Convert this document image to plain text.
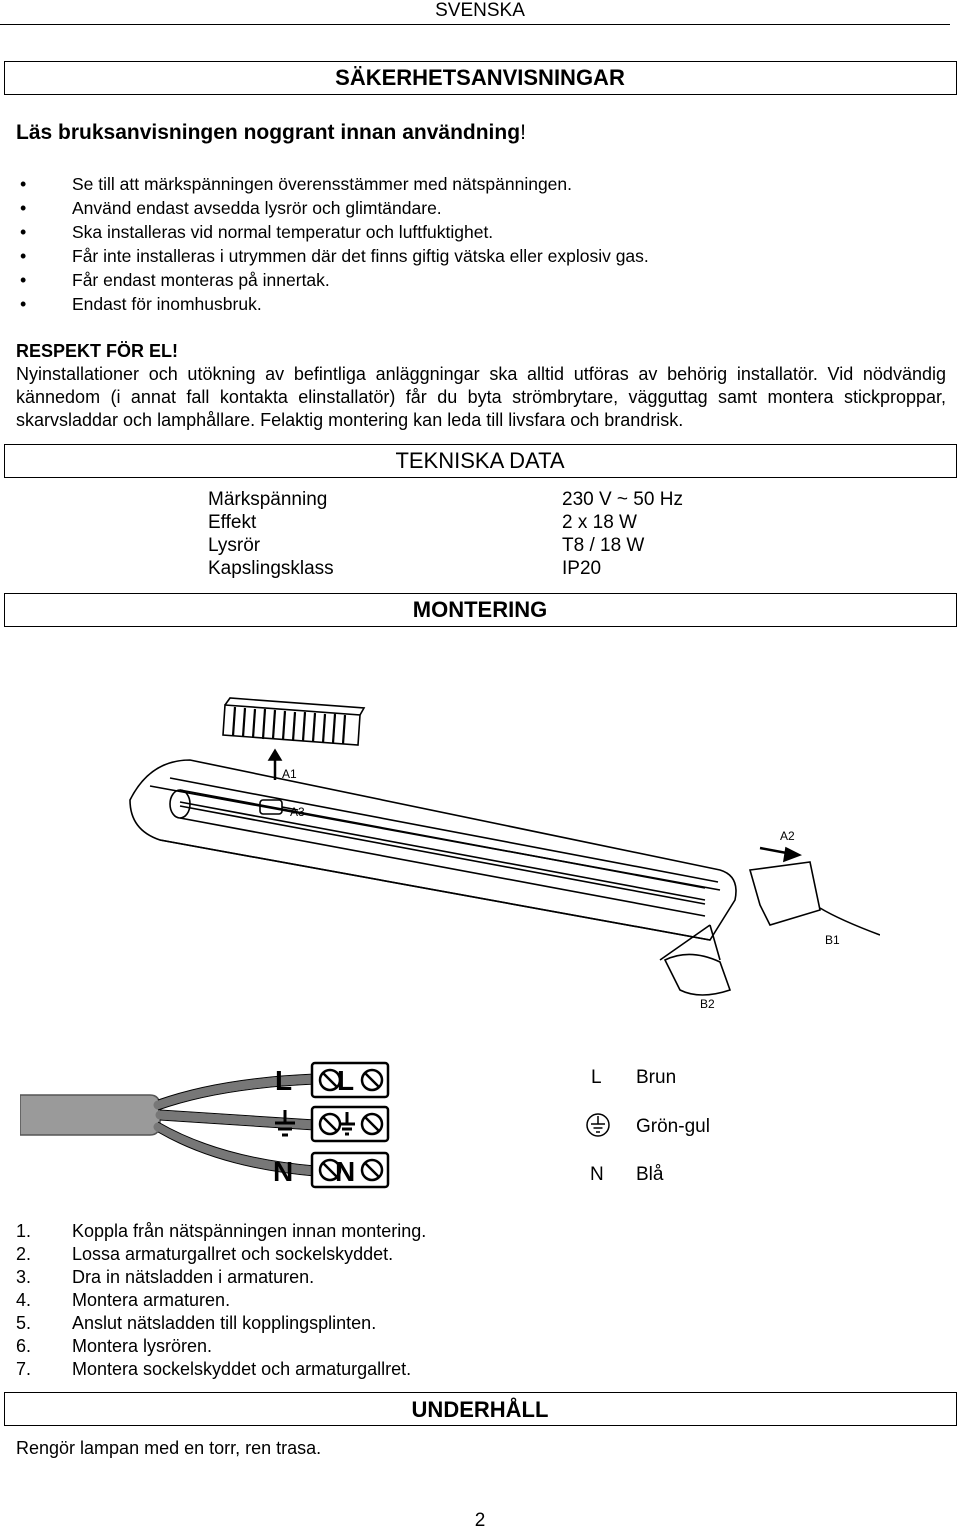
SVENSKA
SÄKERHETSANVISNINGAR
Läs bruksanvisningen noggrant innan användning!
• Se till att märkspänningen överensstämmer med nätspänningen.
• Använd endast avsedda lysrör och glimtändare.
• Ska installeras vid normal temperatur och luftfuktighet.
• Får inte installeras i utrymmen där det finns giftig vätska eller explosiv gas.
• Får endast monteras på innertak.
• Endast för inomhusbruk.
RESPEKT FÖR EL!
Nyinstallationer och utökning av befintliga anläggningar ska alltid utföras av behörig installatör. Vid nödvändig kännedom (i annat fall kontakta elinstallatör) får du byta strömbrytare, vägguttag samt montera stickproppar, skarvsladdar och lamphållare. Felaktig montering kan leda till livsfara och brandrisk.
TEKNISKA DATA
Märkspänning	230 V ~ 50 Hz
Effekt	2 x 18 W
Lysrör	T8 / 18 W
Kapslingsklass	IP20
MONTERING
A1
A3
A2
B1
B2
L L
N N
L Brun
Grön-gul
N Blå
1.	Koppla från nätspänningen innan montering.
2.	Lossa armaturgallret och sockelskyddet.
3.	Dra in nätsladden i armaturen.
4.	Montera armaturen.
5.	Anslut nätsladden till kopplingsplinten.
6.	Montera lysrören.
7.	Montera sockelskyddet och armaturgallret.
UNDERHÅLL
Rengör lampan med en torr, ren trasa.
2
